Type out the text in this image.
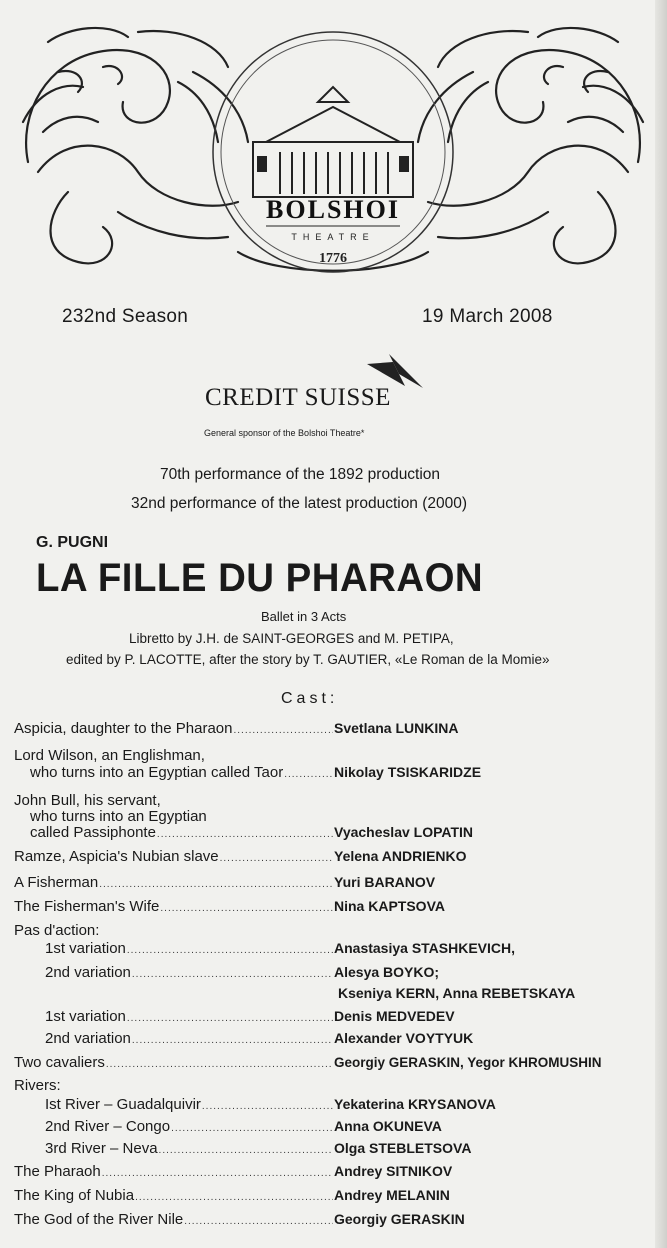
BOLSHOI
THEATRE
1776
232nd Season	19 March 2008
CREDIT SUISSE
General sponsor of the Bolshoi Theatre*
70th performance of the 1892 production
32nd performance of the latest production (2000)
G. PUGNI
LA FILLE DU PHARAON
Ballet in 3 Acts
Libretto by J.H. de SAINT-GEORGES and M. PETIPA,
edited by P. LACOTTE, after the story by T. GAUTIER, «Le Roman de la Momie»
Cast:
Aspicia, daughter to the Pharaon .....	Svetlana LUNKINA
Lord Wilson, an Englishman,
who turns into an Egyptian called Taor .....	Nikolay TSISKARIDZE
John Bull, his servant,
who turns into an Egyptian
called Passiphonte .....	Vyacheslav LOPATIN
Ramze, Aspicia's Nubian slave .....	Yelena ANDRIENKO
A Fisherman .....	Yuri BARANOV
The Fisherman's Wife .....	Nina KAPTSOVA
Pas d'action:
1st variation .....	Anastasiya STASHKEVICH,
2nd variation .....	Alesya BOYKO;
Kseniya KERN, Anna REBETSKAYA
1st variation .....	Denis MEDVEDEV
2nd variation .....	Alexander VOYTYUK
Two cavaliers .....	Georgiy GERASKIN, Yegor KHROMUSHIN
Rivers:
Ist River – Guadalquivir .....	Yekaterina KRYSANOVA
2nd River – Congo .....	Anna OKUNEVA
3rd River – Neva .....	Olga STEBLETSOVA
The Pharaoh .....	Andrey SITNIKOV
The King of Nubia .....	Andrey MELANIN
The God of the River Nile .....	Georgiy GERASKIN
